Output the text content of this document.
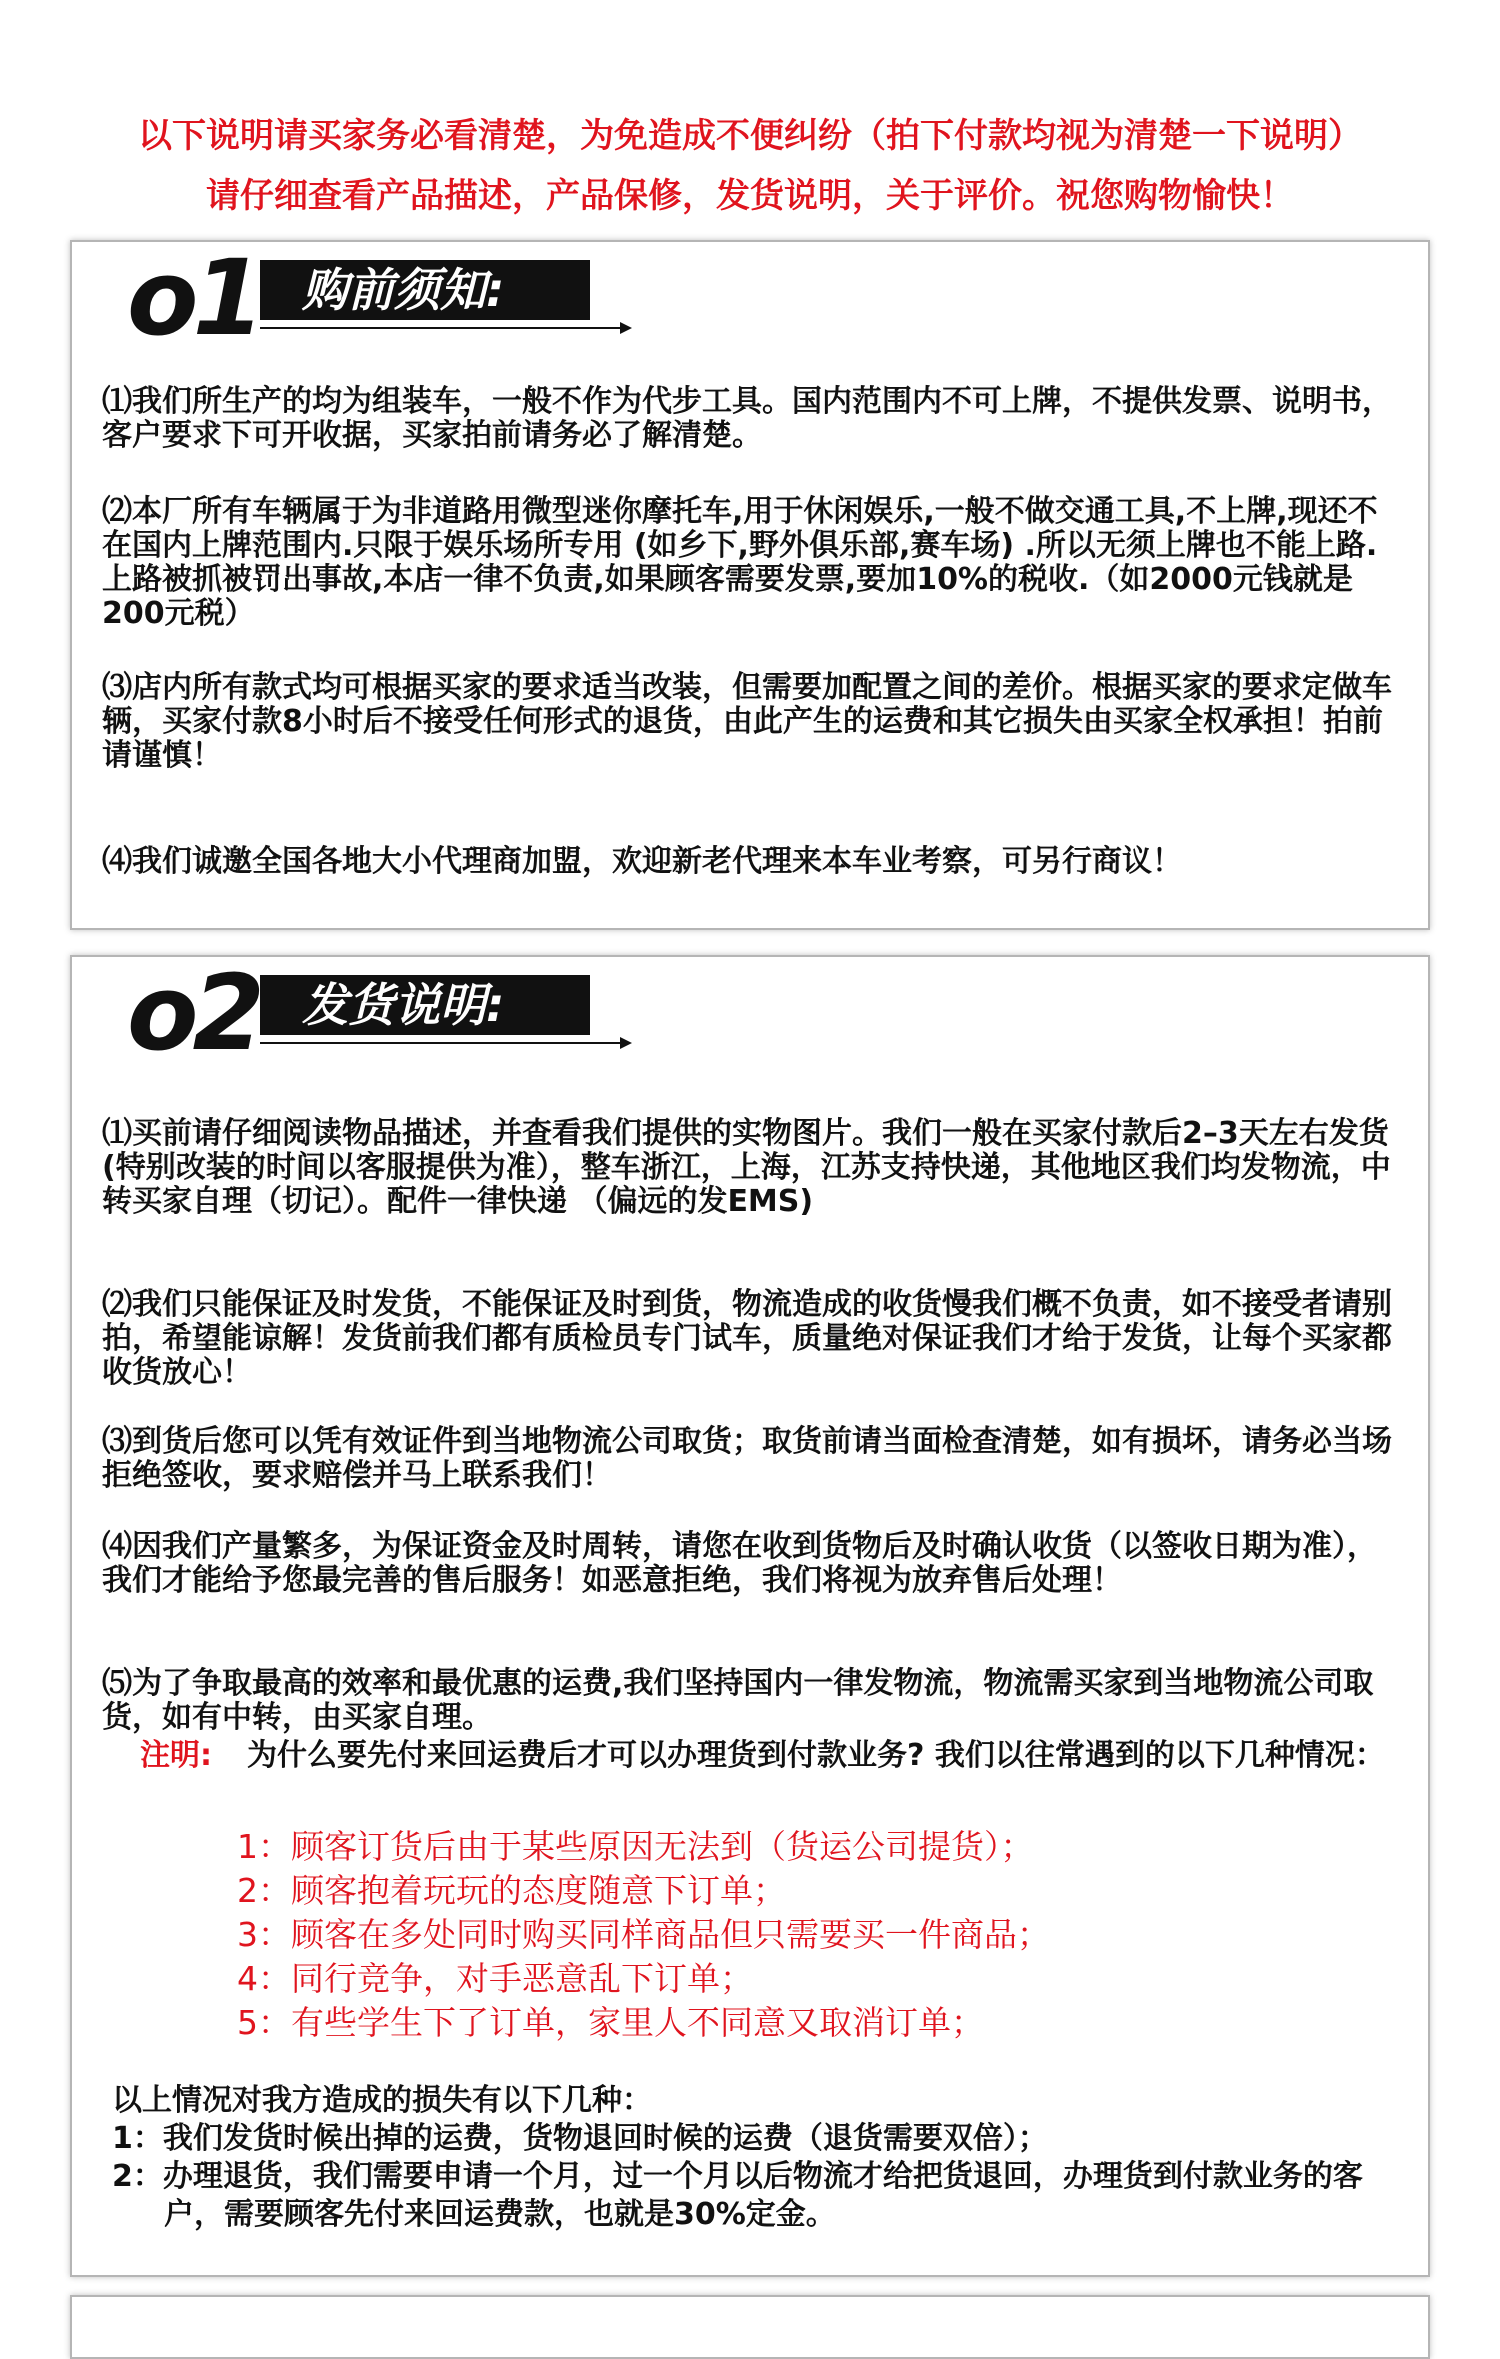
以下说明请买家务必看清楚，为免造成不便纠纷（拍下付款均视为清楚一下说明）
请仔细查看产品描述，产品保修，发货说明，关于评价。祝您购物愉快！
o1 购前须知:

⑴我们所生产的均为组装车，一般不作为代步工具。国内范围内不可上牌，不提供发票、说明书， 客户要求下可开收据，买家拍前请务必了解清楚。

⑵本厂所有车辆属于为非道路用微型迷你摩托车,用于休闲娱乐,一般不做交通工具,不上牌,现还不在国内上牌范围内.只限于娱乐场所专用 (如乡下,野外俱乐部,赛车场) .所以无须上牌也不能上路.上路被抓被罚出事故,本店一律不负责,如果顾客需要发票,要加10%的税收.（如2000元钱就是200元税）

⑶店内所有款式均可根据买家的要求适当改装，但需要加配置之间的差价。根据买家的要求定做车辆，买家付款8小时后不接受任何形式的退货，由此产生的运费和其它损失由买家全权承担！拍前请谨慎！

⑷我们诚邀全国各地大小代理商加盟，欢迎新老代理来本车业考察，可另行商议！

o2 发货说明:

⑴买前请仔细阅读物品描述，并查看我们提供的实物图片。我们一般在买家付款后2–3天左右发货(特别改装的时间以客服提供为准），整车浙江，上海，江苏支持快递，其他地区我们均发物流，中转买家自理（切记）。配件一律快递 （偏远的发EMS)

⑵我们只能保证及时发货，不能保证及时到货，物流造成的收货慢我们概不负责，如不接受者请别拍，希望能谅解！发货前我们都有质检员专门试车，质量绝对保证我们才给于发货，让每个买家都收货放心！

⑶到货后您可以凭有效证件到当地物流公司取货；取货前请当面检查清楚，如有损坏，请务必当场拒绝签收，要求赔偿并马上联系我们！

⑷因我们产量繁多，为保证资金及时周转，请您在收到货物后及时确认收货（以签收日期为准），我们才能给予您最完善的售后服务！如恶意拒绝，我们将视为放弃售后处理！

⑸为了争取最高的效率和最优惠的运费,我们坚持国内一律发物流，物流需买家到当地物流公司取货，如有中转，由买家自理。

注明: 为什么要先付来回运费后才可以办理货到付款业务? 我们以往常遇到的以下几种情况：

1：顾客订货后由于某些原因无法到（货运公司提货）；
2：顾客抱着玩玩的态度随意下订单；
3：顾客在多处同时购买同样商品但只需要买一件商品；
4：同行竞争，对手恶意乱下订单；
5：有些学生下了订单，家里人不同意又取消订单；
以上情况对我方造成的损失有以下几种：
1：我们发货时候出掉的运费，货物退回时候的运费（退货需要双倍）；
2：办理退货，我们需要申请一个月，过一个月以后物流才给把货退回，办理货到付款业务的客户，需要顾客先付来回运费款，也就是30%定金。
